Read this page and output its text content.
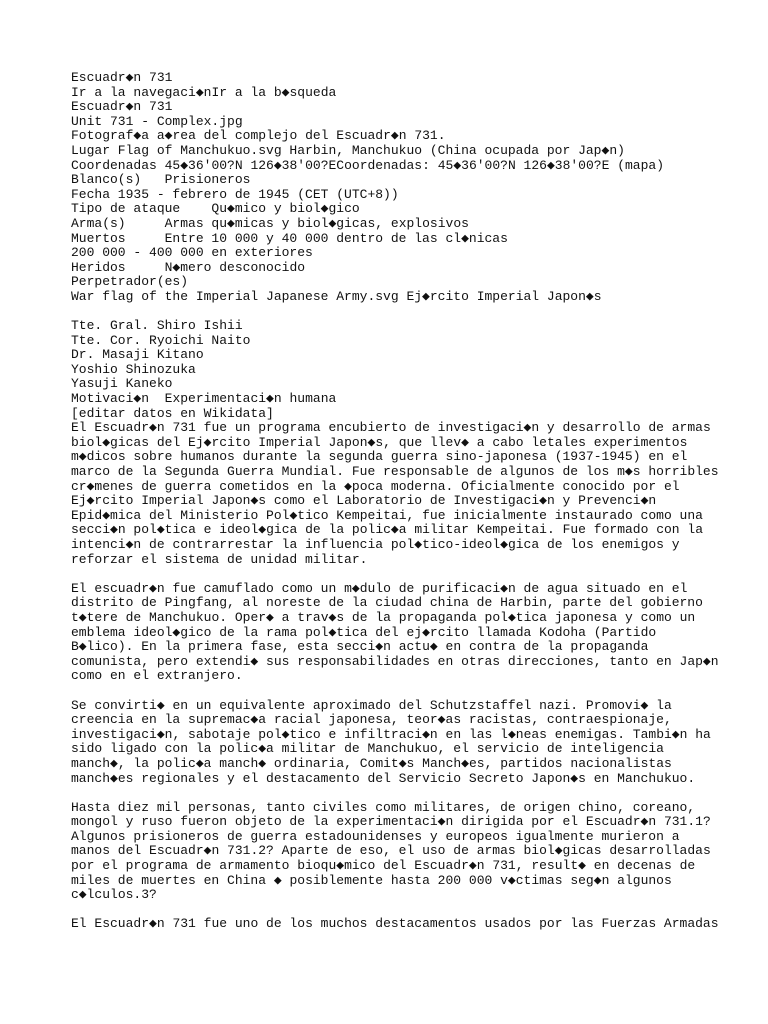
Escuadr◆n 731
Ir a la navegaci◆nIr a la b◆squeda
Escuadr◆n 731
Unit 731 - Complex.jpg
Fotograf◆a a◆rea del complejo del Escuadr◆n 731.
Lugar Flag of Manchukuo.svg Harbin, Manchukuo (China ocupada por Jap◆n)
Coordenadas 45◆36'00?N 126◆38'00?ECoordenadas: 45◆36'00?N 126◆38'00?E (mapa)
Blanco(s)   Prisioneros
Fecha 1935 - febrero de 1945 (CET (UTC+8))
Tipo de ataque    Qu◆mico y biol◆gico
Arma(s)     Armas qu◆micas y biol◆gicas, explosivos
Muertos     Entre 10 000 y 40 000 dentro de las cl◆nicas
200 000 - 400 000 en exteriores
Heridos     N◆mero desconocido
Perpetrador(es)
War flag of the Imperial Japanese Army.svg Ej◆rcito Imperial Japon◆s
Tte. Gral. Shiro Ishii
Tte. Cor. Ryoichi Naito
Dr. Masaji Kitano
Yoshio Shinozuka
Yasuji Kaneko
Motivaci◆n  Experimentaci◆n humana
[editar datos en Wikidata]
El Escuadr◆n 731 fue un programa encubierto de investigaci◆n y desarrollo de armas
biol◆gicas del Ej◆rcito Imperial Japon◆s, que llev◆ a cabo letales experimentos
m◆dicos sobre humanos durante la segunda guerra sino-japonesa (1937-1945) en el
marco de la Segunda Guerra Mundial. Fue responsable de algunos de los m◆s horribles
cr◆menes de guerra cometidos en la ◆poca moderna. Oficialmente conocido por el
Ej◆rcito Imperial Japon◆s como el Laboratorio de Investigaci◆n y Prevenci◆n
Epid◆mica del Ministerio Pol◆tico Kempeitai, fue inicialmente instaurado como una
secci◆n pol◆tica e ideol◆gica de la polic◆a militar Kempeitai. Fue formado con la
intenci◆n de contrarrestar la influencia pol◆tico-ideol◆gica de los enemigos y
reforzar el sistema de unidad militar.
El escuadr◆n fue camuflado como un m◆dulo de purificaci◆n de agua situado en el
distrito de Pingfang, al noreste de la ciudad china de Harbin, parte del gobierno
t◆tere de Manchukuo. Oper◆ a trav◆s de la propaganda pol◆tica japonesa y como un
emblema ideol◆gico de la rama pol◆tica del ej◆rcito llamada Kodoha (Partido
B◆lico). En la primera fase, esta secci◆n actu◆ en contra de la propaganda
comunista, pero extendi◆ sus responsabilidades en otras direcciones, tanto en Jap◆n
como en el extranjero.
Se convirti◆ en un equivalente aproximado del Schutzstaffel nazi. Promovi◆ la
creencia en la supremac◆a racial japonesa, teor◆as racistas, contraespionaje,
investigaci◆n, sabotaje pol◆tico e infiltraci◆n en las l◆neas enemigas. Tambi◆n ha
sido ligado con la polic◆a militar de Manchukuo, el servicio de inteligencia
manch◆, la polic◆a manch◆ ordinaria, Comit◆s Manch◆es, partidos nacionalistas
manch◆es regionales y el destacamento del Servicio Secreto Japon◆s en Manchukuo.
Hasta diez mil personas, tanto civiles como militares, de origen chino, coreano,
mongol y ruso fueron objeto de la experimentaci◆n dirigida por el Escuadr◆n 731.1?
Algunos prisioneros de guerra estadounidenses y europeos igualmente murieron a
manos del Escuadr◆n 731.2? Aparte de eso, el uso de armas biol◆gicas desarrolladas
por el programa de armamento bioqu◆mico del Escuadr◆n 731, result◆ en decenas de
miles de muertes en China ◆ posiblemente hasta 200 000 v◆ctimas seg◆n algunos
c◆lculos.3?
El Escuadr◆n 731 fue uno de los muchos destacamentos usados por las Fuerzas Armadas
